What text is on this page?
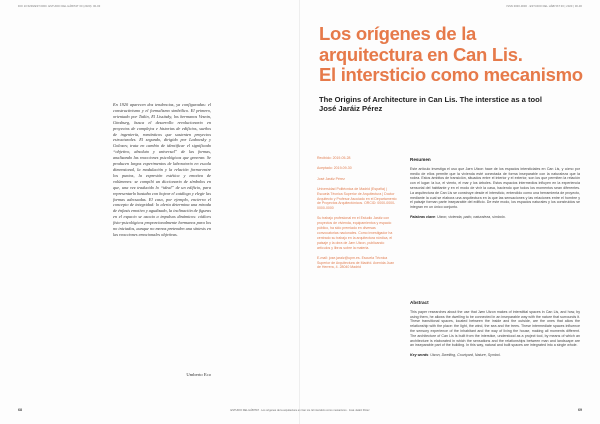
DOI 10.5209/EST.0000. ESTUDIO DEL HÁBITAT 00 (2020): 00-00

En 1920 aparecen dos tendencias, ya configuradas: el constructivismo y el formalismo simbólico. El primero, orientado por Tatlin, El Lissitzky, los hermanos Vesnin, Ginsburg, busca el desarrollo revolucionario en proyectos de complejos e historias de edificios, sueños de ingeniería, románticos que sustenten proyectos estructurales. El segundo, dirigido por Ladowsky y Golosov, trata en cambio de identificar el significado “objetivo, absoluto y universal” de las formas, analizando las reacciones psicológicas que generan. Se producen largos experimentos de laboratorio en escala dimensional, la modulación y la relación forma-entre los puntos, la expresión estética y emotiva de volúmenes: se compiló un diccionario de símbolos en que, una vez traducido lo “ideal” de un edificio, para representarlo bastaba con hojear el catálogo y elegir las formas adecuadas. El caso, por ejemplo, encierra el concepto de integridad: lo alerta determina una mirada de énfasis emotivo y agudizado, la inclinación de figuras en el espacio se asocia a impulsos dinámicos: códices fisio-psicológicos proporcionalmente hermanos para los no iniciados, aunque no menos pretenden una síntesis en las reacciones emocionales objetivas.

Umberto Eco

68
ISSN 0000-0000 · ESTUDIO DEL HÁBITAT 00 | 2020 | 00-00
69
ESTUDIO DEL HÁBITAT · Los orígenes de la arquitectura en Can Lis. El intersticio como mecanismo · José Jaráiz Pérez
Los orígenes de la
arquitectura en Can Lis.
El intersticio como mecanismo
The Origins of Architecture in Can Lis. The interstice as a tool
José Jaráiz Pérez

Recibido: 2019-05-28

Aceptado: 2019-09-30

José Jaráiz Pérez

Universidad Politécnica de Madrid (España) | Escuela Técnica Superior de Arquitectura | Doctor Arquitecto y Profesor Asociado en el Departamento de Proyectos Arquitectónicos. ORCID: 0000-0000-0000-0000

Su trabajo profesional en el Estudio Jaráiz con proyectos de vivienda, equipamientos y espacio público, ha sido premiado en diversas convocatorias nacionales. Como investigador ha centrado su trabajo en la arquitectura nórdica, el paisaje y la obra de Jørn Utzon, publicando artículos y libros sobre la materia.

E-mail: jose.jaraiz@upm.es. Escuela Técnica Superior de Arquitectura de Madrid. Avenida Juan de Herrera, 4. 28040 Madrid

Resumen

Este artículo investiga el uso que Jørn Utzon hace de los espacios intersticiales en Can Lis, y cómo por medio de ellos permite que la vivienda esté conectada de forma inseparable con la naturaleza que la rodea. Estos ámbitos de transición, situados entre el interior y el exterior, son los que permiten la relación con el lugar: la luz, el viento, el mar y los árboles. Estos espacios intermedios influyen en la experiencia sensorial del habitante y en el modo de vivir la casa, haciendo que todos los momentos sean diferentes. La arquitectura de Can Lis se construye desde el intersticio, entendido como una herramienta de proyecto, mediante la cual se elabora una arquitectura en la que las sensaciones y las relaciones entre el hombre y el paisaje forman parte inseparable del edificio. De este modo, los espacios naturales y los construidos se integran en un único conjunto.

Palabras clave: Utzon, vivienda, patio, naturaleza, símbolo.

Abstract

This paper researches about the use that Jørn Utzon makes of interstitial spaces in Can Lis, and how, by using them, he allows the dwelling to be connected in an inseparable way with the nature that surrounds it. These transitional spaces, located between the inside and the outside, are the ones that allow the relationship with the place: the light, the wind, the sea and the trees. These intermediate spaces influence the sensory experience of the inhabitant and the way of living the house, making all moments different. The architecture of Can Lis is built from the interstice, understood as a project tool, by means of which an architecture is elaborated in which the sensations and the relationships between man and landscape are an inseparable part of the building. In this way, natural and built spaces are integrated into a single whole.

Key words: Utzon, Dwelling, Courtyard, Nature, Symbol.
